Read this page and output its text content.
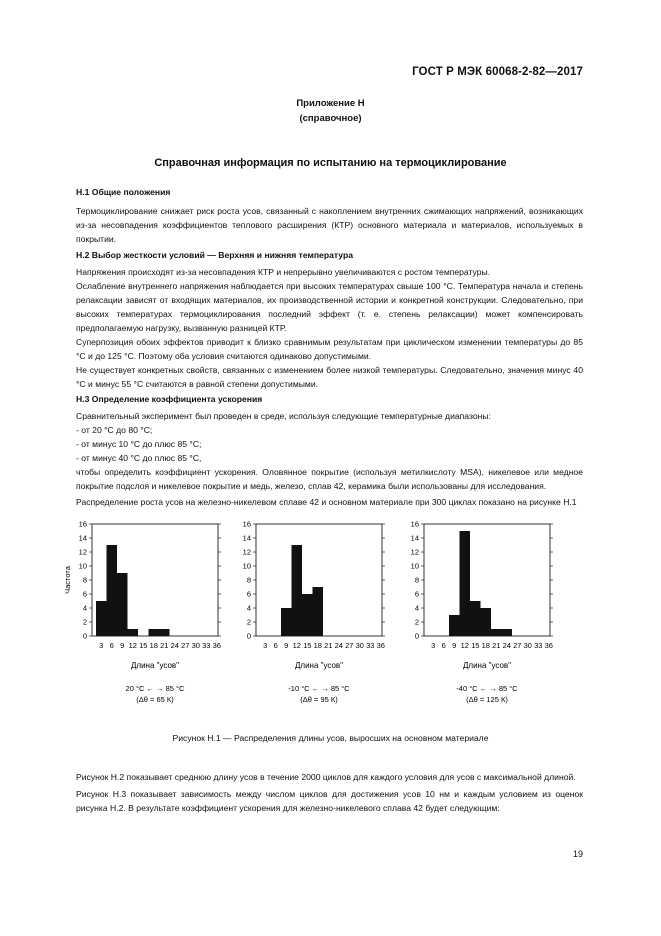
ГОСТ Р МЭК 60068-2-82—2017
Приложение Н
(справочное)
Справочная информация по испытанию на термоциклирование

Н.1 Общие положения

Термоциклирование снижает риск роста усов, связанный с накоплением внутренних сжимающих напряжений, возникающих из-за несовпадения коэффициентов теплового расширения (КТР) основного материала и материалов, используемых в покрытии.

Н.2 Выбор жесткости условий — Верхняя и нижняя температура

Напряжения происходят из-за несовпадения КТР и непрерывно увеличиваются с ростом температуры.

Ослабление внутреннего напряжения наблюдается при высоких температурах свыше 100 °С. Температура начала и степень релаксации зависят от входящих материалов, их производственной истории и конкретной конструкции. Следовательно, при высоких температурах термоциклирования последний эффект (т. е. степень релаксации) может компенсировать предполагаемую нагрузку, вызванную разницей КТР.

Суперпозиция обоих эффектов приводит к близко сравнимым результатам при циклическом изменении температуры до 85 °С и до 125 °С. Поэтому оба условия считаются одинаково допустимыми.

Не существует конкретных свойств, связанных с изменением более низкой температуры. Следовательно, значения минус 40 °С и минус 55 °С считаются в равной степени допустимыми.

Н.3 Определение коэффициента ускорения

Сравнительный эксперимент был проведен в среде, используя следующие температурные диапазоны:

- от 20 °С до 80 °С;

- от минус 10 °С до плюс 85 °С;

- от минус 40 °С до плюс 85 °С,

чтобы определить коэффициент ускорения. Оловянное покрытие (используя метилкислоту MSA), никелевое или медное покрытие подслоя и никелевое покрытие и медь, железо, сплав 42, керамика были использованы для исследования.

Распределение роста усов на железно-никелевом сплаве 42 и основном материале при 300 циклах показано на рисунке Н.1

0
2
4
6
8
10
12
14
16
3 6 9 12 15 18 21 24 27 30 33 36
Частота
Длина "усов"
20 °С ← → 85 °С
(Δθ = 65 К)
0
2
4
6
8
10
12
14
16
3 6 9 12 15 18 21 24 27 30 33 36
Длина "усов"
-10 °С ← → 85 °С
(Δθ = 95 К)
0
2
4
6
8
10
12
14
16
3 6 9 12 15 18 21 24 27 30 33 36
Длина "усов"
-40 °С ← → 85 °С
(Δθ = 125 К)
Рисунок Н.1 — Распределения длины усов, выросших на основном материале

Рисунок Н.2 показывает среднюю длину усов в течение 2000 циклов для каждого условия для усов с максимальной длиной.

Рисунок Н.3 показывает зависимость между числом циклов для достижения усов 10 нм и каждым условием из оценок рисунка Н.2. В результате коэффициент ускорения для железно-никелевого сплава 42 будет следующим:

19
